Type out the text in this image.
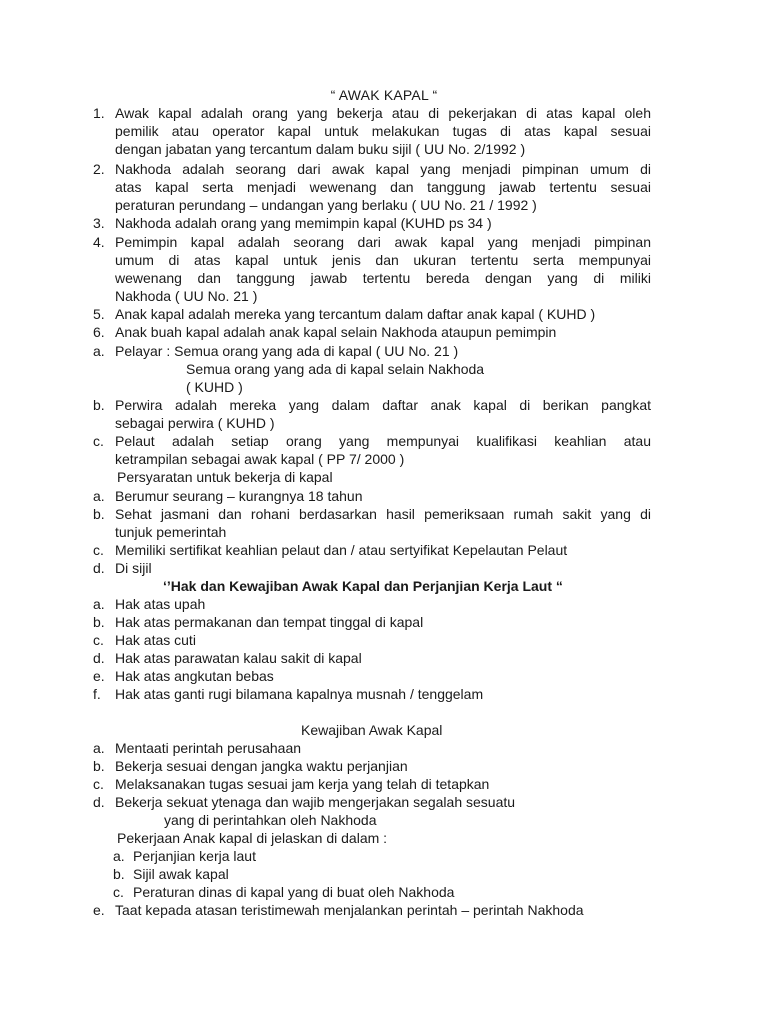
“ AWAK KAPAL “
1. Awak kapal adalah orang yang bekerja atau di pekerjakan di atas kapal oleh
pemilik atau operator kapal untuk melakukan tugas di atas kapal sesuai
dengan jabatan yang tercantum dalam buku sijil ( UU No. 2/1992 )
2. Nakhoda adalah seorang dari awak kapal yang menjadi pimpinan umum di
atas kapal serta menjadi wewenang dan tanggung jawab tertentu sesuai
peraturan perundang – undangan yang berlaku ( UU No. 21 / 1992 )
3. Nakhoda adalah orang yang memimpin kapal (KUHD ps 34 )
4. Pemimpin kapal adalah seorang dari awak kapal yang menjadi pimpinan
umum di atas kapal untuk jenis dan ukuran tertentu serta mempunyai
wewenang dan tanggung jawab tertentu bereda dengan yang di miliki
Nakhoda ( UU No. 21 )
5. Anak kapal adalah mereka yang tercantum dalam daftar anak kapal ( KUHD )
6. Anak buah kapal adalah anak kapal selain Nakhoda ataupun pemimpin
a. Pelayar : Semua orang yang ada di kapal ( UU No. 21 )
Semua orang yang ada di kapal selain Nakhoda
( KUHD )
b. Perwira adalah mereka yang dalam daftar anak kapal di berikan pangkat
sebagai perwira ( KUHD )
c. Pelaut adalah setiap orang yang mempunyai kualifikasi keahlian atau
ketrampilan sebagai awak kapal ( PP 7/ 2000 )
Persyaratan untuk bekerja di kapal
a. Berumur seurang – kurangnya 18 tahun
b. Sehat jasmani dan rohani berdasarkan hasil pemeriksaan rumah sakit yang di
tunjuk pemerintah
c. Memiliki sertifikat keahlian pelaut dan / atau sertyifikat Kepelautan Pelaut
d. Di sijil
‘’Hak dan Kewajiban Awak Kapal dan Perjanjian Kerja Laut “
a. Hak atas upah
b. Hak atas permakanan dan tempat tinggal di kapal
c. Hak atas cuti
d. Hak atas parawatan kalau sakit di kapal
e. Hak atas angkutan bebas
f. Hak atas ganti rugi bilamana kapalnya musnah / tenggelam
Kewajiban Awak Kapal
a. Mentaati perintah perusahaan
b. Bekerja sesuai dengan jangka waktu perjanjian
c. Melaksanakan tugas sesuai jam kerja yang telah di tetapkan
d. Bekerja sekuat ytenaga dan wajib mengerjakan segalah sesuatu
yang di perintahkan oleh Nakhoda
Pekerjaan Anak kapal di jelaskan di dalam :
a. Perjanjian kerja laut
b. Sijil awak kapal
c. Peraturan dinas di kapal yang di buat oleh Nakhoda
e. Taat kepada atasan teristimewah menjalankan perintah – perintah Nakhoda
